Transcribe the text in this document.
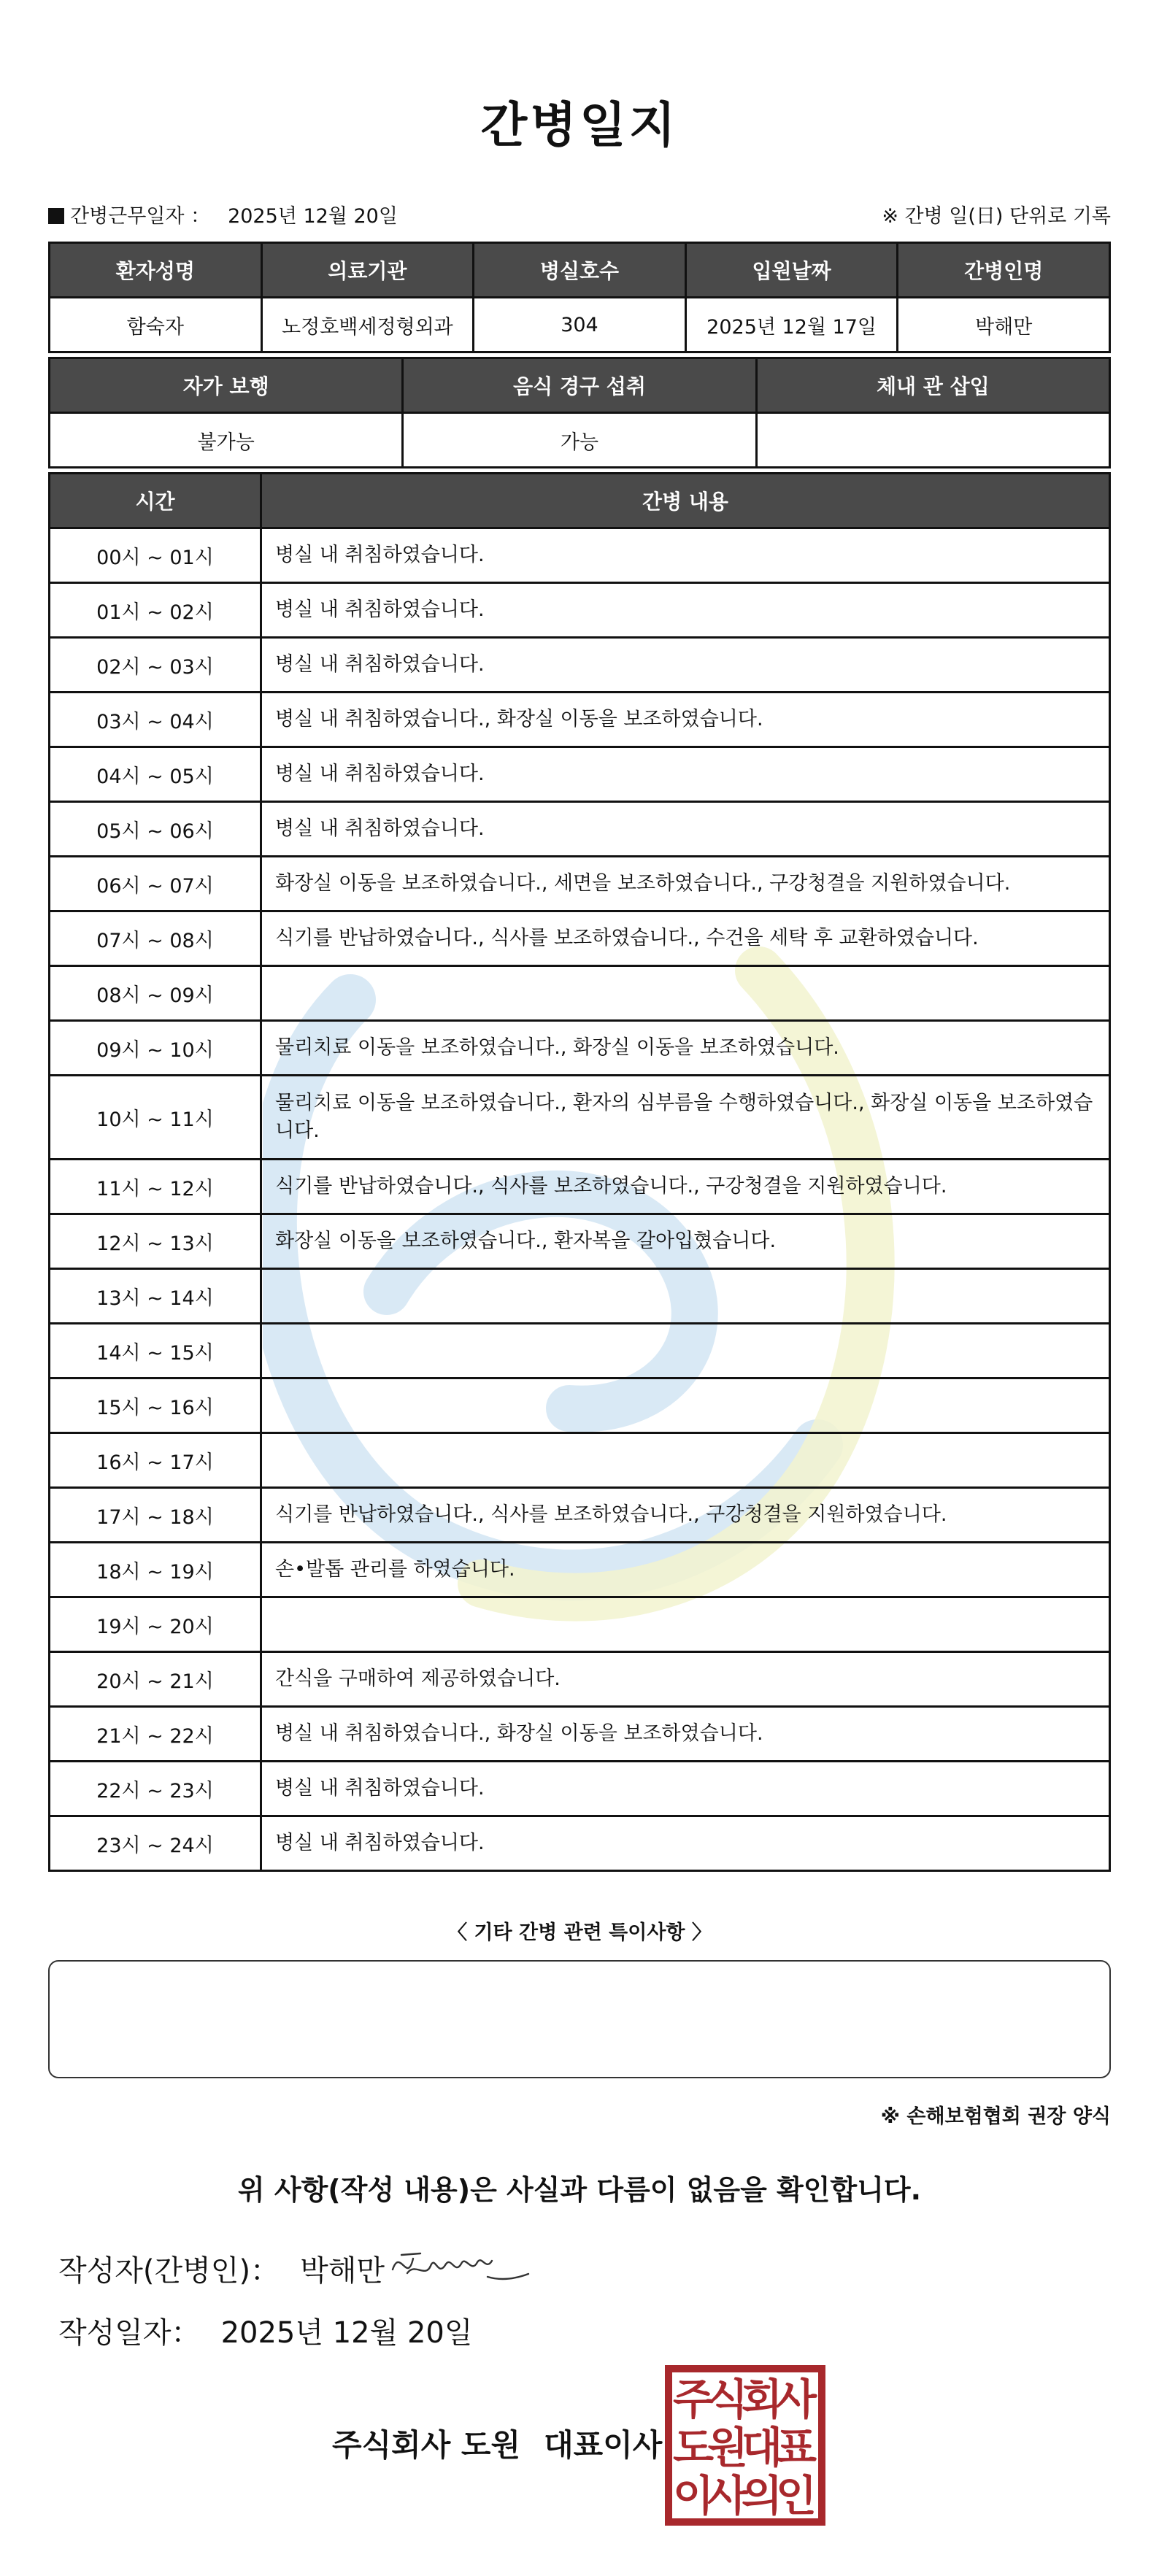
간병일지
간병근무일자 ： 2025년 12월 20일	※ 간병 일(日) 단위로 기록
환자성명	의료기관	병실호수	입원날짜	간병인명
함숙자	노정호백세정형외과	304	2025년 12월 17일	박해만
자가 보행	음식 경구 섭취	체내 관 삽입
불가능	가능	
시간	간병 내용
00시 ~ 01시	병실 내 취침하였습니다.
01시 ~ 02시	병실 내 취침하였습니다.
02시 ~ 03시	병실 내 취침하였습니다.
03시 ~ 04시	병실 내 취침하였습니다., 화장실 이동을 보조하였습니다.
04시 ~ 05시	병실 내 취침하였습니다.
05시 ~ 06시	병실 내 취침하였습니다.
06시 ~ 07시	화장실 이동을 보조하였습니다., 세면을 보조하였습니다., 구강청결을 지원하였습니다.
07시 ~ 08시	식기를 반납하였습니다., 식사를 보조하였습니다., 수건을 세탁 후 교환하였습니다.
08시 ~ 09시	
09시 ~ 10시	물리치료 이동을 보조하였습니다., 화장실 이동을 보조하였습니다.
10시 ~ 11시	물리치료 이동을 보조하였습니다., 환자의 심부름을 수행하였습니다., 화장실 이동을 보조하였습니다.
11시 ~ 12시	식기를 반납하였습니다., 식사를 보조하였습니다., 구강청결을 지원하였습니다.
12시 ~ 13시	화장실 이동을 보조하였습니다., 환자복을 갈아입혔습니다.
13시 ~ 14시	
14시 ~ 15시	
15시 ~ 16시	
16시 ~ 17시	
17시 ~ 18시	식기를 반납하였습니다., 식사를 보조하였습니다., 구강청결을 지원하였습니다.
18시 ~ 19시	손•발톱 관리를 하였습니다.
19시 ~ 20시	
20시 ~ 21시	간식을 구매하여 제공하였습니다.
21시 ~ 22시	병실 내 취침하였습니다., 화장실 이동을 보조하였습니다.
22시 ~ 23시	병실 내 취침하였습니다.
23시 ~ 24시	병실 내 취침하였습니다.
〈 기타 간병 관련 특이사항 〉
※ 손해보험협회 권장 양식
위 사항(작성 내용)은 사실과 다름이 없음을 확인합니다.
작성자(간병인)： 박해만
작성일자： 2025년 12월 20일
주식회사 도원 대표이사
주
식
회
사
도
원
대
표
이
사
의
인
